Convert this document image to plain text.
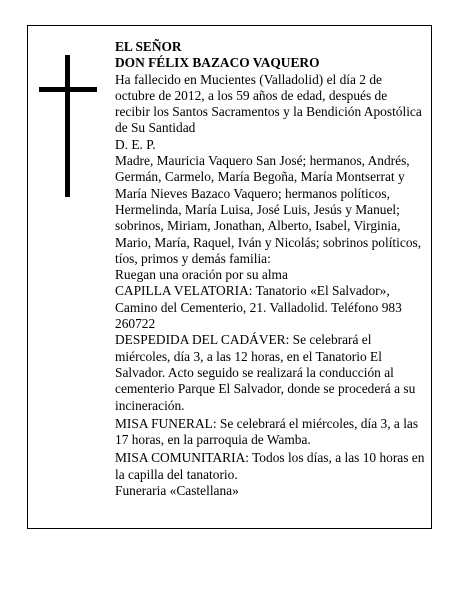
EL SEÑOR

DON FÉLIX BAZACO VAQUERO

Ha fallecido en Mucientes (Valladolid) el día 2 de octubre de 2012, a los 59 años de edad, después de recibir los Santos Sacramentos y la Bendición Apostólica de Su Santidad

D. E. P.

Madre, Mauricia Vaquero San José; hermanos, Andrés, Germán, Carmelo, María Begoña, María Montserrat y María Nieves Bazaco Vaquero; hermanos políticos, Hermelinda, María Luisa, José Luis, Jesús y Manuel; sobrinos, Miriam, Jonathan, Alberto, Isabel, Virginia, Mario, María, Raquel, Iván y Nicolás; sobrinos políticos, tíos, primos y demás familia:

Ruegan una oración por su alma

CAPILLA VELATORIA: Tanatorio «El Salvador», Camino del Cementerio, 21. Valladolid. Teléfono 983 260722

DESPEDIDA DEL CADÁVER: Se celebrará el miércoles, día 3, a las 12 horas, en el Tanatorio El Salvador. Acto seguido se realizará la conducción al cementerio Parque El Salvador, donde se procederá a su incineración.

MISA FUNERAL: Se celebrará el miércoles, día 3, a las 17 horas, en la parroquia de Wamba.

MISA COMUNITARIA: Todos los días, a las 10 horas en la capilla del tanatorio.

Funeraria «Castellana»
